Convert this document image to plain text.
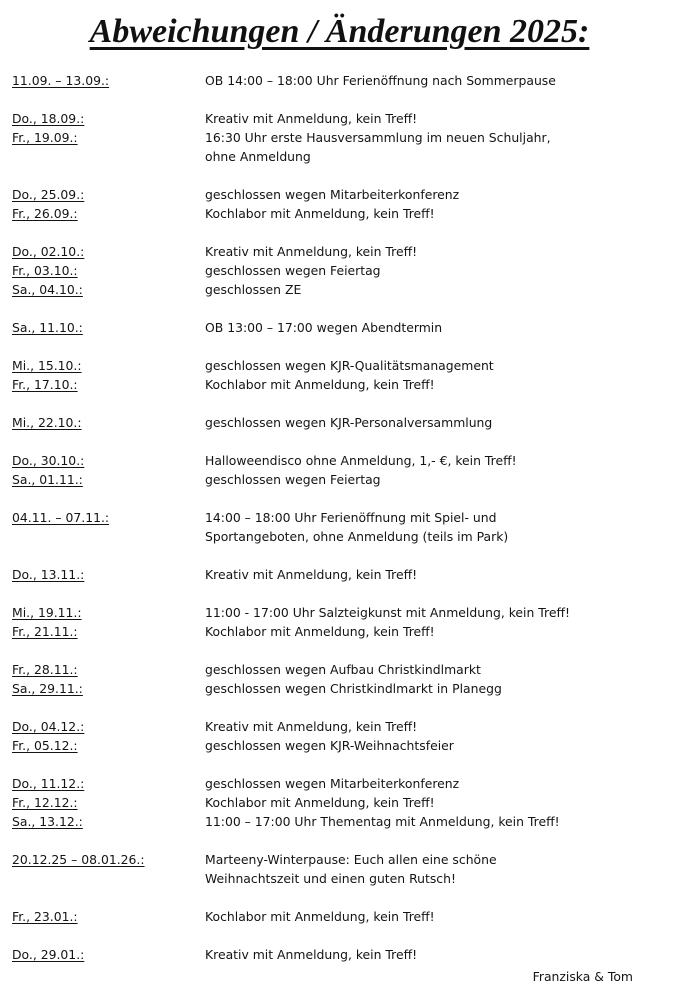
Abweichungen / Änderungen 2025:
11.09. – 13.09.:	OB 14:00 – 18:00 Uhr Ferienöffnung nach Sommerpause
Do., 18.09.:	Kreativ mit Anmeldung, kein Treff!
Fr., 19.09.:	16:30 Uhr erste Hausversammlung im neuen Schuljahr,
ohne Anmeldung
Do., 25.09.:	geschlossen wegen Mitarbeiterkonferenz
Fr., 26.09.:	Kochlabor mit Anmeldung, kein Treff!
Do., 02.10.:	Kreativ mit Anmeldung, kein Treff!
Fr., 03.10.:	geschlossen wegen Feiertag
Sa., 04.10.:	geschlossen ZE
Sa., 11.10.:	OB 13:00 – 17:00 wegen Abendtermin
Mi., 15.10.:	geschlossen wegen KJR-Qualitätsmanagement
Fr., 17.10.:	Kochlabor mit Anmeldung, kein Treff!
Mi., 22.10.:	geschlossen wegen KJR-Personalversammlung
Do., 30.10.:	Halloweendisco ohne Anmeldung, 1,- €, kein Treff!
Sa., 01.11.:	geschlossen wegen Feiertag
04.11. – 07.11.:	14:00 – 18:00 Uhr Ferienöffnung mit Spiel- und
Sportangeboten, ohne Anmeldung (teils im Park)
Do., 13.11.:	Kreativ mit Anmeldung, kein Treff!
Mi., 19.11.:	11:00 - 17:00 Uhr Salzteigkunst mit Anmeldung, kein Treff!
Fr., 21.11.:	Kochlabor mit Anmeldung, kein Treff!
Fr., 28.11.:	geschlossen wegen Aufbau Christkindlmarkt
Sa., 29.11.:	geschlossen wegen Christkindlmarkt in Planegg
Do., 04.12.:	Kreativ mit Anmeldung, kein Treff!
Fr., 05.12.:	geschlossen wegen KJR-Weihnachtsfeier
Do., 11.12.:	geschlossen wegen Mitarbeiterkonferenz
Fr., 12.12.:	Kochlabor mit Anmeldung, kein Treff!
Sa., 13.12.:	11:00 – 17:00 Uhr Thementag mit Anmeldung, kein Treff!
20.12.25 – 08.01.26.:	Marteeny-Winterpause: Euch allen eine schöne
Weihnachtszeit und einen guten Rutsch!
Fr., 23.01.:	Kochlabor mit Anmeldung, kein Treff!
Do., 29.01.:	Kreativ mit Anmeldung, kein Treff!
Franziska & Tom
